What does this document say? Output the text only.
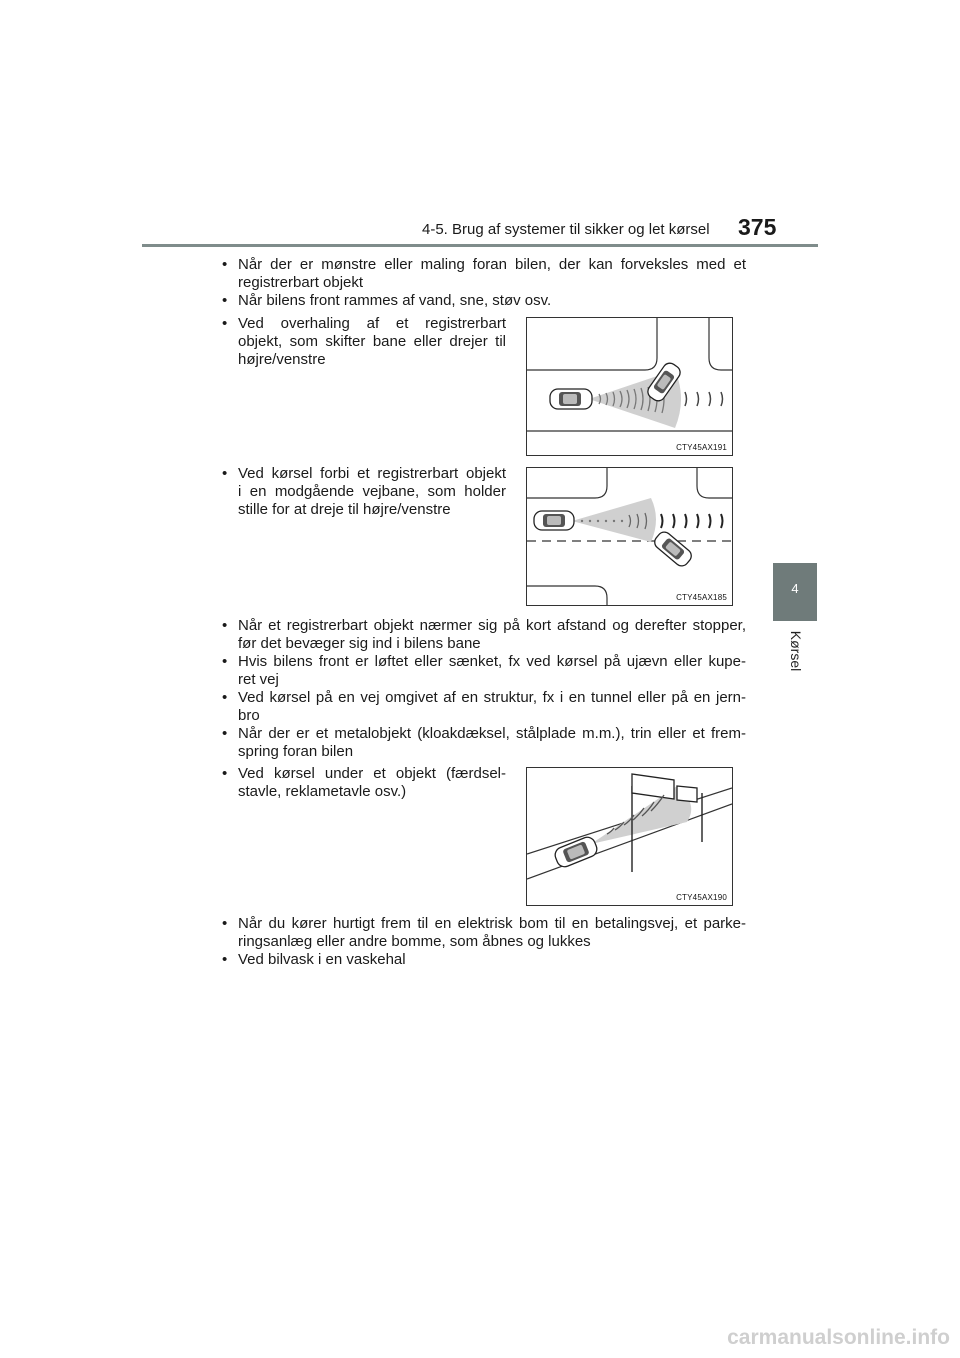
4-5. Brug af systemer til sikker og let kørsel 375
4
Kørsel
• Når der er mønstre eller maling foran bilen, der kan forveksles med et
registrerbart objekt
• Når bilens front rammes af vand, sne, støv osv.
• Ved overhaling af et registrerbart
objekt, som skifter bane eller drejer til
højre/venstre
CTY45AX191
• Ved kørsel forbi et registrerbart objekt
i en modgående vejbane, som holder
stille for at dreje til højre/venstre
CTY45AX185
• Når et registrerbart objekt nærmer sig på kort afstand og derefter stopper,
før det bevæger sig ind i bilens bane
• Hvis bilens front er løftet eller sænket, fx ved kørsel på ujævn eller kupe-
ret vej
• Ved kørsel på en vej omgivet af en struktur, fx i en tunnel eller på en jern-
bro
• Når der er et metalobjekt (kloakdæksel, stålplade m.m.), trin eller et frem-
spring foran bilen
• Ved kørsel under et objekt (færdsel-
stavle, reklametavle osv.)
CTY45AX190
• Når du kører hurtigt frem til en elektrisk bom til en betalingsvej, et parke-
ringsanlæg eller andre bomme, som åbnes og lukkes
• Ved bilvask i en vaskehal
carmanualsonline.info
